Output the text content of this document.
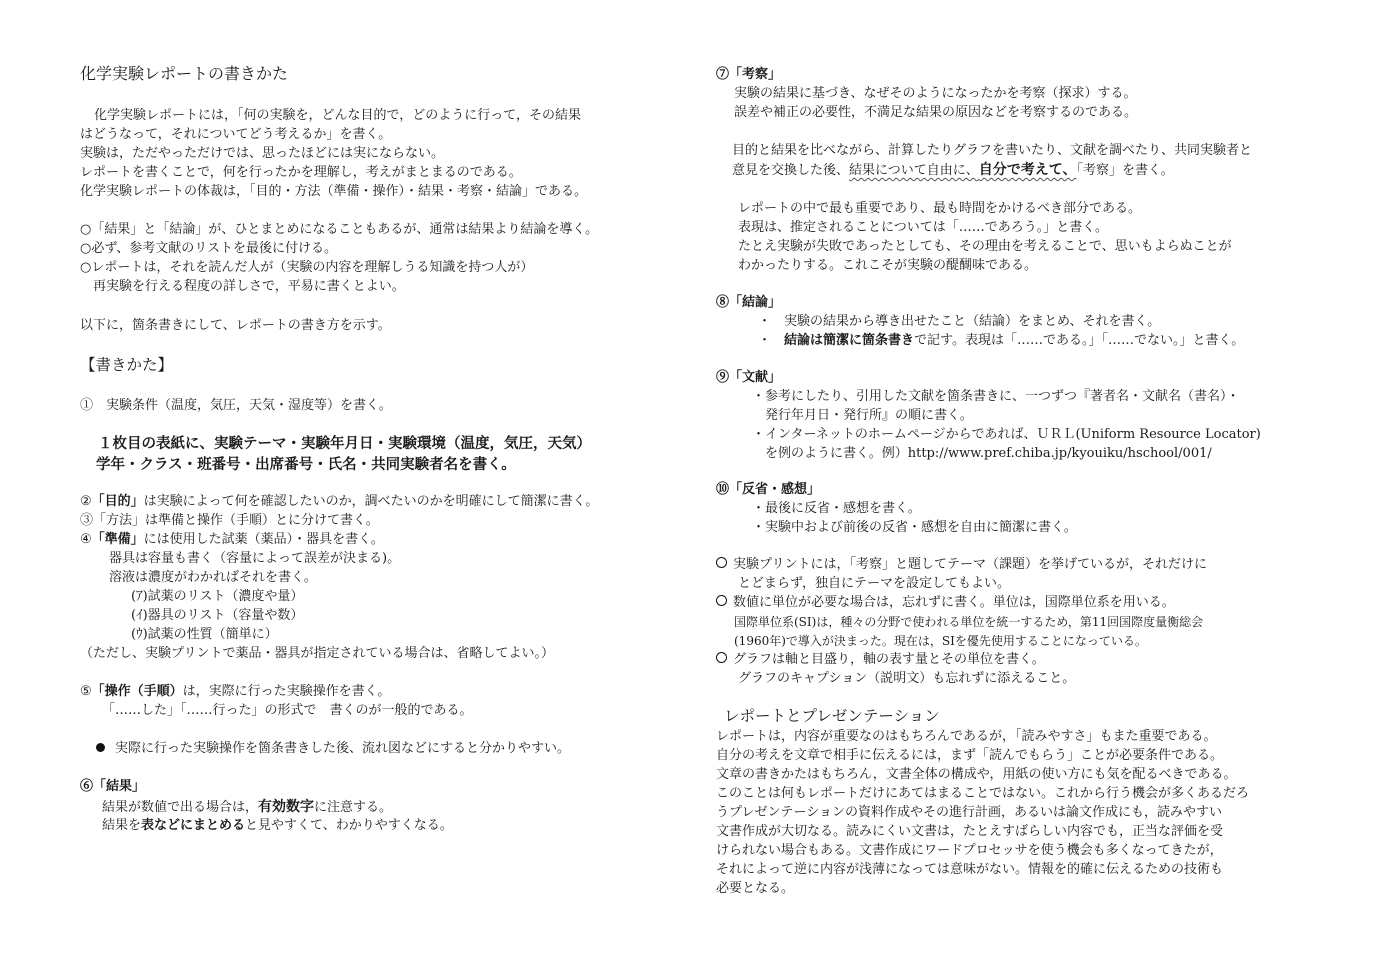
化学実験レポートの書きかた
化学実験レポートには，「何の実験を，どんな目的で，どのように行って，その結果
はどうなって，それについてどう考えるか」を書く。
実験は，ただやっただけでは、思ったほどには実にならない。
レポートを書くことで，何を行ったかを理解し，考えがまとまるのである。
化学実験レポートの体裁は，「目的・方法（準備・操作）・結果・考察・結論」である。
○「結果」と「結論」が、ひとまとめになることもあるが、通常は結果より結論を導く。
○必ず、参考文献のリストを最後に付ける。
○レポートは，それを読んだ人が（実験の内容を理解しうる知識を持つ人が）
　再実験を行える程度の詳しさで，平易に書くとよい。
以下に，箇条書きにして、レポートの書き方を示す。
【書きかた】
①　実験条件（温度，気圧，天気・湿度等）を書く。
１枚目の表紙に、実験テーマ・実験年月日・実験環境（温度，気圧，天気）
学年・クラス・班番号・出席番号・氏名・共同実験者名を書く。
②「目的」は実験によって何を確認したいのか，調べたいのかを明確にして簡潔に書く。
③「方法」は準備と操作（手順）とに分けて書く。
④「準備」には使用した試薬（薬品）・器具を書く。
器具は容量も書く（容量によって誤差が決まる)。
溶液は濃度がわかればそれを書く。
(ｱ)試薬のリスト（濃度や量）
(ｲ)器具のリスト（容量や数）
(ｳ)試薬の性質（簡単に）
（ただし、実験プリントで薬品・器具が指定されている場合は、省略してよい。）
⑤「操作（手順）は，実際に行った実験操作を書く。
「……した」「……行った」の形式で　書くのが一般的である。
実際に行った実験操作を箇条書きした後、流れ図などにすると分かりやすい。
⑥「結果」
結果が数値で出る場合は，有効数字に注意する。
結果を表などにまとめると見やすくて、わかりやすくなる。
⑦「考察」
実験の結果に基づき、なぜそのようになったかを考察（探求）する。
誤差や補正の必要性，不満足な結果の原因などを考察するのである。
目的と結果を比べながら、計算したりグラフを書いたり、文献を調べたり、共同実験者と
意見を交換した後、結果について自由に、自分で考えて、「考察」を書く。
レポートの中で最も重要であり、最も時間をかけるべき部分である。
表現は、推定されることについては「……であろう。」と書く。
たとえ実験が失敗であったとしても、その理由を考えることで、思いもよらぬことが
わかったりする。これこそが実験の醍醐味である。
⑧「結論」
・　実験の結果から導き出せたこと（結論）をまとめ、それを書く。
・　 結論は簡潔に箇条書きで記す。表現は「……である。」「……でない。」と書く。
⑨「文献」
・参考にしたり、引用した文献を箇条書きに、一つずつ『著者名・文献名（書名）・
　発行年月日・発行所』の順に書く。
・インターネットのホームページからであれば、ＵＲＬ(Uniform Resource Locator)
　を例のように書く。例）http://www.pref.chiba.jp/kyouiku/hschool/001/
⑩「反省・感想」
・最後に反省・感想を書く。
・実験中および前後の反省・感想を自由に簡潔に書く。
実験プリントには，「考察」と題してテーマ（課題）を挙げているが，それだけに
とどまらず，独自にテーマを設定してもよい。
数値に単位が必要な場合は，忘れずに書く。単位は，国際単位系を用いる。
国際単位系(SI)は，種々の分野で使われる単位を統一するため，第11回国際度量衡総会
(1960年)で導入が決まった。現在は，SIを優先使用することになっている。
グラフは軸と目盛り，軸の表す量とその単位を書く。
グラフのキャプション（説明文）も忘れずに添えること。
レポートとプレゼンテーション
レポートは，内容が重要なのはもちろんであるが，「読みやすさ」もまた重要である。
自分の考えを文章で相手に伝えるには，まず「読んでもらう」ことが必要条件である。
文章の書きかたはもちろん，文書全体の構成や，用紙の使い方にも気を配るべきである。
このことは何もレポートだけにあてはまることではない。これから行う機会が多くあるだろ
うプレゼンテーションの資料作成やその進行計画，あるいは論文作成にも，読みやすい
文書作成が大切なる。読みにくい文書は，たとえすばらしい内容でも，正当な評価を受
けられない場合もある。文書作成にワードプロセッサを使う機会も多くなってきたが，
それによって逆に内容が浅薄になっては意味がない。情報を的確に伝えるための技術も
必要となる。
